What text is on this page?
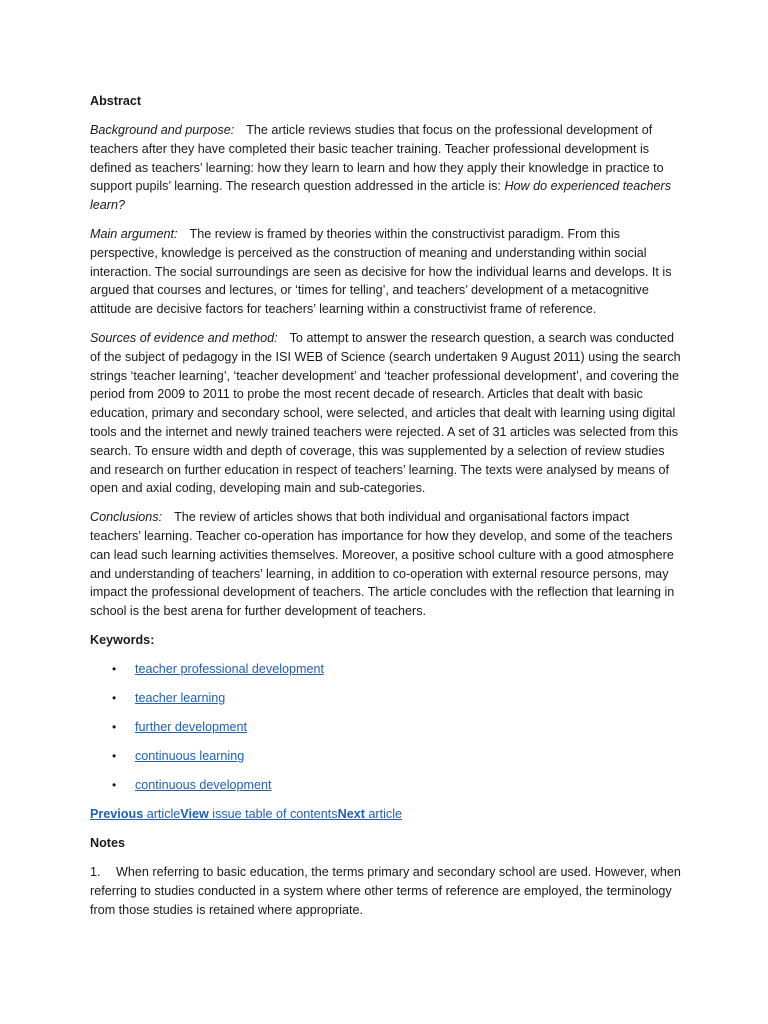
Abstract

Background and purpose: The article reviews studies that focus on the professional development of teachers after they have completed their basic teacher training. Teacher professional development is defined as teachers’ learning: how they learn to learn and how they apply their knowledge in practice to support pupils’ learning. The research question addressed in the article is: How do experienced teachers learn?

Main argument: The review is framed by theories within the constructivist paradigm. From this perspective, knowledge is perceived as the construction of meaning and understanding within social interaction. The social surroundings are seen as decisive for how the individual learns and develops. It is argued that courses and lectures, or ‘times for telling’, and teachers’ development of a metacognitive attitude are decisive factors for teachers’ learning within a constructivist frame of reference.

Sources of evidence and method: To attempt to answer the research question, a search was conducted of the subject of pedagogy in the ISI WEB of Science (search undertaken 9 August 2011) using the search strings ‘teacher learning’, ‘teacher development’ and ‘teacher professional development’, and covering the period from 2009 to 2011 to probe the most recent decade of research. Articles that dealt with basic education, primary and secondary school, were selected, and articles that dealt with learning using digital tools and the internet and newly trained teachers were rejected. A set of 31 articles was selected from this search. To ensure width and depth of coverage, this was supplemented by a selection of review studies and research on further education in respect of teachers’ learning. The texts were analysed by means of open and axial coding, developing main and sub-categories.

Conclusions: The review of articles shows that both individual and organisational factors impact teachers’ learning. Teacher co-operation has importance for how they develop, and some of the teachers can lead such learning activities themselves. Moreover, a positive school culture with a good atmosphere and understanding of teachers’ learning, in addition to co-operation with external resource persons, may impact the professional development of teachers. The article concludes with the reflection that learning in school is the best arena for further development of teachers.

Keywords:
• teacher professional development
• teacher learning
• further development
• continuous learning
• continuous development
Previous articleView issue table of contentsNext article
Notes

1. When referring to basic education, the terms primary and secondary school are used. However, when referring to studies conducted in a system where other terms of reference are employed, the terminology from those studies is retained where appropriate.
